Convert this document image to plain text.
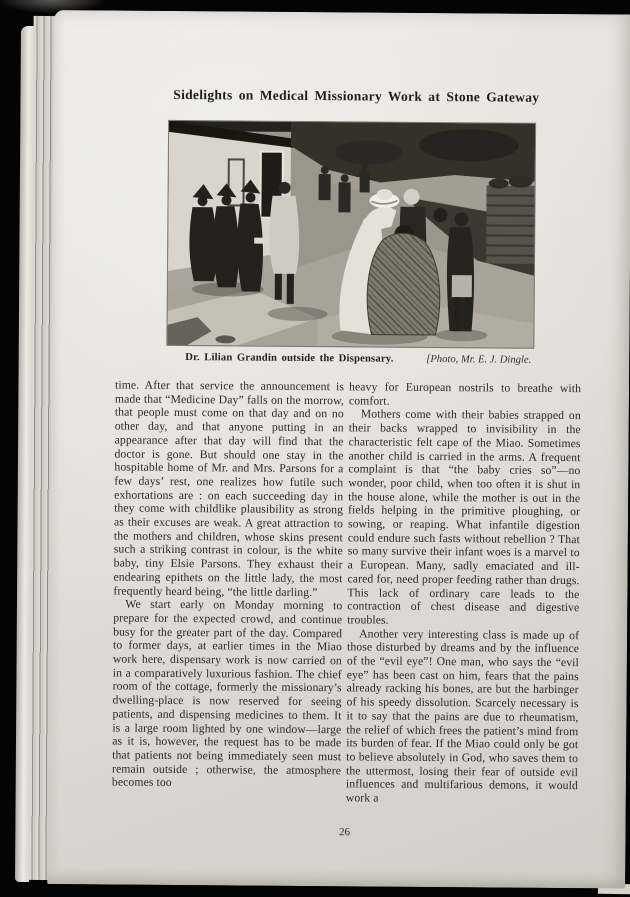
Sidelights on Medical Missionary Work at Stone Gateway
Dr. Lilian Grandin outside the Dispensary.	[Photo, Mr. E. J. Dingle.

time. After that service the announcement is made that “Medicine Day” falls on the morrow, that people must come on that day and on no other day, and that anyone putting in an appearance after that day will find that the doctor is gone. But should one stay in the hospitable home of Mr. and Mrs. Parsons for a few days’ rest, one realizes how futile such exhortations are : on each succeeding day in they come with childlike plausibility as strong as their excuses are weak. A great attraction to the mothers and children, whose skins present such a striking contrast in colour, is the white baby, tiny Elsie Parsons. They exhaust their endearing epithets on the little lady, the most frequently heard being, “the little darling.”

We start early on Monday morning to prepare for the expected crowd, and continue busy for the greater part of the day. Compared to former days, at earlier times in the Miao work here, dispensary work is now carried on in a comparatively luxurious fashion. The chief room of the cottage, formerly the missionary’s dwelling-place is now reserved for seeing patients, and dispensing medicines to them. It is a large room lighted by one window—large as it is, however, the request has to be made that patients not being immediately seen must remain outside ; otherwise, the atmosphere becomes too

heavy for European nostrils to breathe with comfort.

Mothers come with their babies strapped on their backs wrapped to invisibility in the characteristic felt cape of the Miao. Sometimes another child is carried in the arms. A frequent complaint is that “the baby cries so”—no wonder, poor child, when too often it is shut in the house alone, while the mother is out in the fields helping in the primitive ploughing, or sowing, or reaping. What infantile digestion could endure such fasts without rebellion ? That so many survive their infant woes is a marvel to a European. Many, sadly emaciated and ill-cared for, need proper feeding rather than drugs. This lack of ordinary care leads to the contraction of chest disease and digestive troubles.

Another very interesting class is made up of those disturbed by dreams and by the influence of the “evil eye”! One man, who says the “evil eye” has been cast on him, fears that the pains already racking his bones, are but the harbinger of his speedy dissolution. Scarcely necessary is it to say that the pains are due to rheumatism, the relief of which frees the patient’s mind from its burden of fear. If the Miao could only be got to believe absolutely in God, who saves them to the uttermost, losing their fear of outside evil influences and multifarious demons, it would work a

26
